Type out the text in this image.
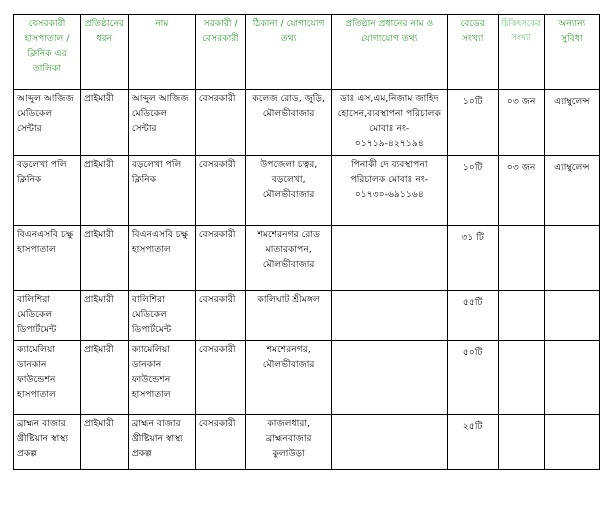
বেসরকারী হাসপাতাল / ক্লিনিক এর তালিকা	প্রতিষ্ঠানের ধরন	নাম	সরকারী / বেসরকারী	ঠিকানা / যোগাযোগ তথ্য	প্রতিষ্ঠান প্রধানের নাম ও যোগাযোগ তথ্য	বেডের সংখ্যা	চিকিৎসকের সংখ্যা	অন্যান্য সুবিধা
আব্দুল আজিজ মেডিকেল সেন্টার	প্রাইমারী	আব্দুল আজিজ মেডিকেল সেন্টার	বেসরকারী	কলেজ রোড, জুড়ি, মৌলভীবাজার	ডাঃ এস,এম,নিজাম জাহিদ হোসেন,ব্যবস্থাপনা পরিচালক মোবাঃ নং- ০১৭১৯-৪২৭১৯৪	১০টি	০৩ জন	এ্যাম্বুলেন্স
বড়লেখা পলি ক্লিনিক	প্রাইমারী	বড়লেখা পলি ক্লিনিক	বেসরকারী	উপজেলা চত্বর, বড়লেখা, মৌলভীবাজার	পিনাকী দে ব্যবস্থাপনা পরিচালক মোবাঃ নং- ০১৭৩০-৬৯১১৬৪	১০টি	০৩ জন	এ্যাম্বুলেন্স
বিএনএসবি চক্ষু হাসপাতাল	প্রাইমারী	বিএনএসবি চক্ষু হাসপাতাল	বেসরকারী	শমশেরনগর রোড মাতারকাপন, মৌলভীবাজার		৩১ টি		
বালিশিরা মেডিকেল ডিপার্টমেন্ট	প্রাইমারী	বালিশিরা মেডিকেল ডিপার্টমেন্ট	বেসরকারী	কালিঘাট শ্রীমঙ্গল		৫৫টি		
ক্যামেলিয়া ডানকান ফাউন্ডেশন হাসপাতাল	প্রাইমারী	ক্যামেলিয়া ডানকান ফাউন্ডেশন হাসপাতাল	বেসরকারী	শমশেরনগর, মৌলভীবাজার		৫০টি		
ব্রাহ্মন বাজার খ্রীষ্টিয়ান স্বাস্থ্য প্রকল্প	প্রাইমারী	ব্রাহ্মন বাজার খ্রীষ্টিয়ান স্বাস্থ্য প্রকল্প	বেসরকারী	কাজলধারা, ব্রাহ্মনবাজার কুলাউড়া		২৫টি		
